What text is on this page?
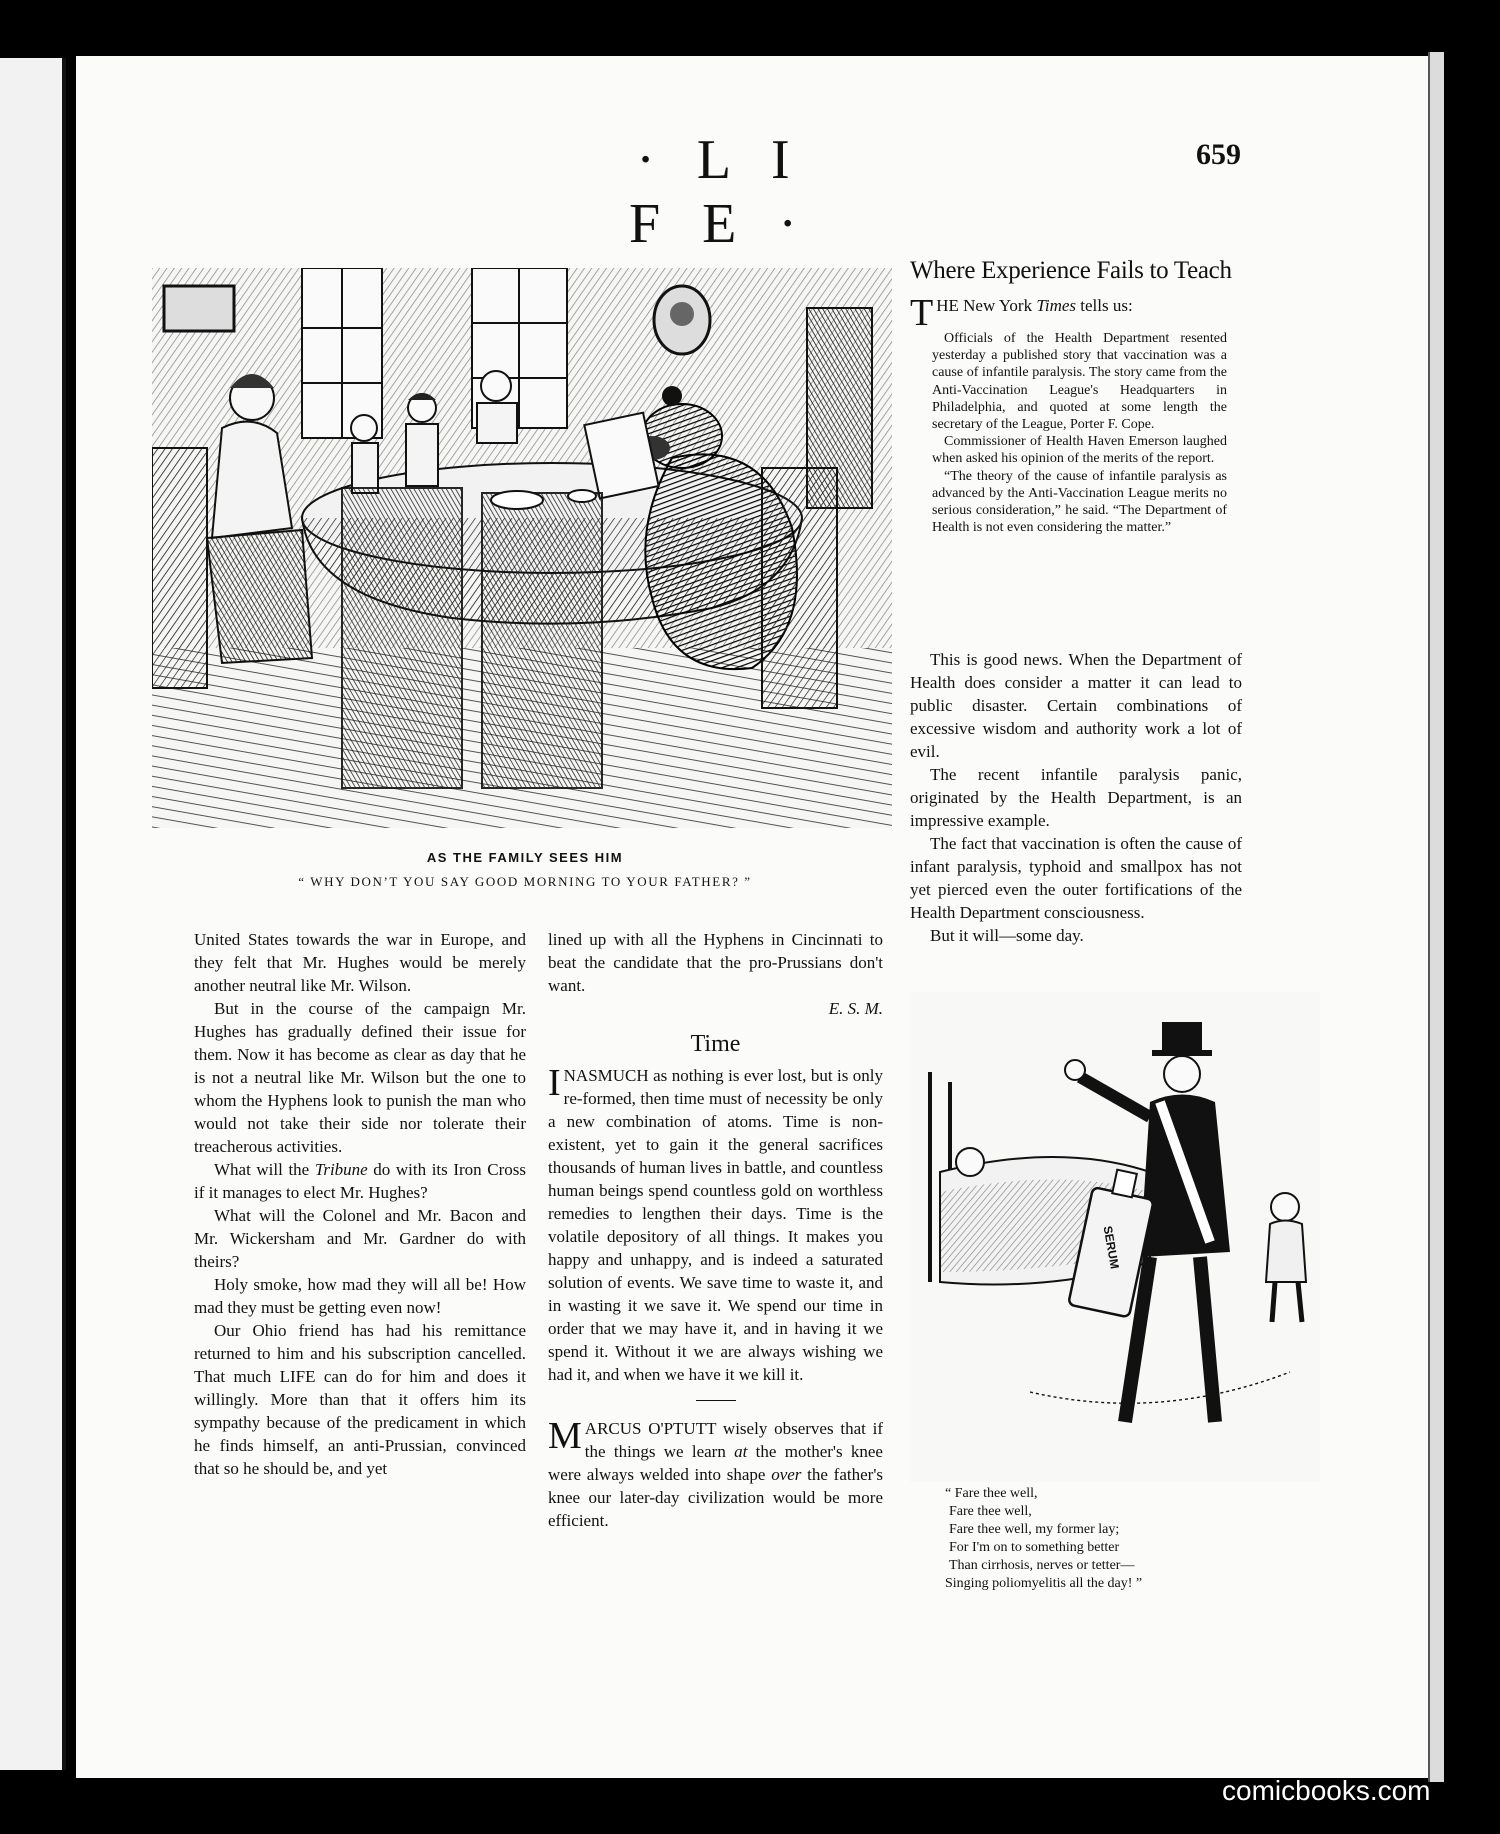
· L I F E ·
659
AS THE FAMILY SEES HIM
“ WHY DON’T YOU SAY GOOD MORNING TO YOUR FATHER? ”

United States towards the war in Europe, and they felt that Mr. Hughes would be merely another neutral like Mr. Wilson.

But in the course of the campaign Mr. Hughes has gradually defined their issue for them. Now it has become as clear as day that he is not a neutral like Mr. Wilson but the one to whom the Hyphens look to punish the man who would not take their side nor tolerate their treacherous activities.

What will the Tribune do with its Iron Cross if it manages to elect Mr. Hughes?

What will the Colonel and Mr. Bacon and Mr. Wickersham and Mr. Gardner do with theirs?

Holy smoke, how mad they will all be! How mad they must be getting even now!

Our Ohio friend has had his remittance returned to him and his subscription cancelled. That much LIFE can do for him and does it willingly. More than that it offers him its sympathy because of the predicament in which he finds himself, an anti-Prussian, convinced that so he should be, and yet

lined up with all the Hyphens in Cincinnati to beat the candidate that the pro-Prussians don't want.

E. S. M.

Time

INASMUCH as nothing is ever lost, but is only re-formed, then time must of necessity be only a new combination of atoms. Time is non-existent, yet to gain it the general sacrifices thousands of human lives in battle, and countless human beings spend countless gold on worthless remedies to lengthen their days. Time is the volatile depository of all things. It makes you happy and unhappy, and is indeed a saturated solution of events. We save time to waste it, and in wasting it we save it. We spend our time in order that we may have it, and in having it we spend it. Without it we are always wishing we had it, and when we have it we kill it.

MARCUS O'PTUTT wisely observes that if the things we learn at the mother's knee were always welded into shape over the father's knee our later-day civilization would be more efficient.

Where Experience Fails to Teach
THE New York Times tells us:

Officials of the Health Department resented yesterday a published story that vaccination was a cause of infantile paralysis. The story came from the Anti-Vaccination League's Headquarters in Philadelphia, and quoted at some length the secretary of the League, Porter F. Cope.

Commissioner of Health Haven Emerson laughed when asked his opinion of the merits of the report.

“The theory of the cause of infantile paralysis as advanced by the Anti-Vaccination League merits no serious consideration,” he said. “The Department of Health is not even considering the matter.”

This is good news. When the Department of Health does consider a matter it can lead to public disaster. Certain combinations of excessive wisdom and authority work a lot of evil.

The recent infantile paralysis panic, originated by the Health Department, is an impressive example.

The fact that vaccination is often the cause of infant paralysis, typhoid and smallpox has not yet pierced even the outer fortifications of the Health Department consciousness.

But it will—some day.

SERUM
“ Fare thee well,
Fare thee well,
Fare thee well, my former lay;
For I'm on to something better
Than cirrhosis, nerves or tetter—
Singing poliomyelitis all the day! ”
comicbooks.com
